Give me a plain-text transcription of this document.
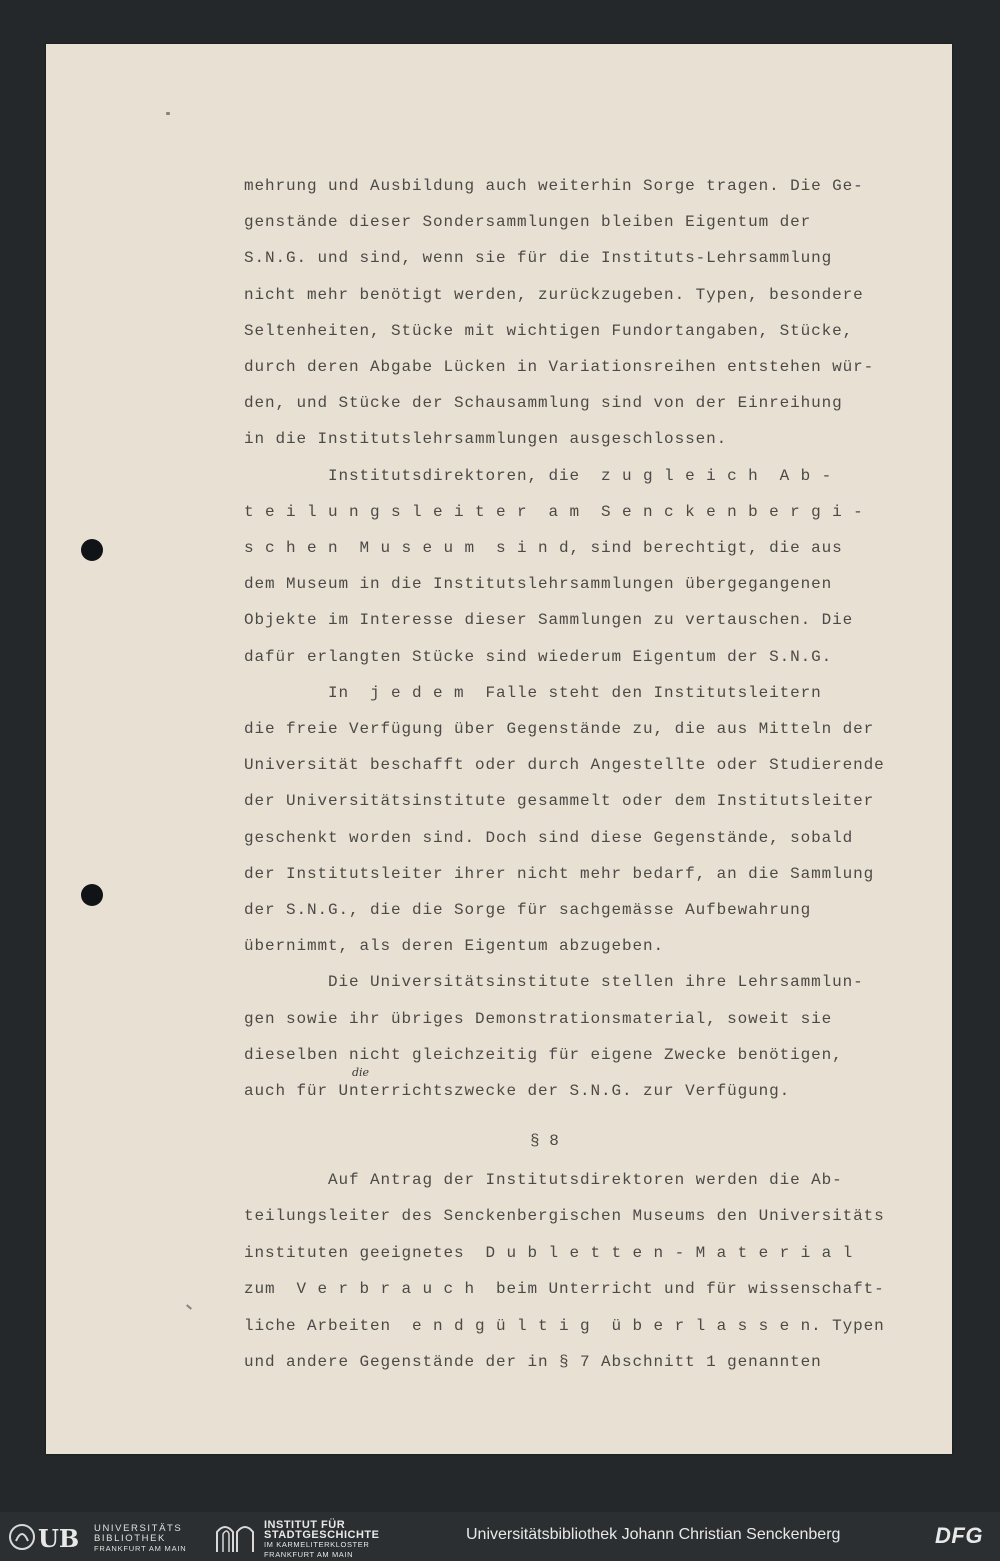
mehrung und Ausbildung auch weiterhin Sorge tragen. Die Ge-
genstände dieser Sondersammlungen bleiben Eigentum der
S.N.G. und sind, wenn sie für die Instituts-Lehrsammlung
nicht mehr benötigt werden, zurückzugeben. Typen, besondere
Seltenheiten, Stücke mit wichtigen Fundortangaben, Stücke,
durch deren Abgabe Lücken in Variationsreihen entstehen wür-
den, und Stücke der Schausammlung sind von der Einreihung
in die Institutslehrsammlungen ausgeschlossen.
Institutsdirektoren, die  z u g l e i c h  A b -
t e i l u n g s l e i t e r  a m  S e n c k e n b e r g i -
s c h e n  M u s e u m  s i n d, sind berechtigt, die aus
dem Museum in die Institutslehrsammlungen übergegangenen
Objekte im Interesse dieser Sammlungen zu vertauschen. Die
dafür erlangten Stücke sind wiederum Eigentum der S.N.G.
In  j e d e m  Falle steht den Institutsleitern
die freie Verfügung über Gegenstände zu, die aus Mitteln der
Universität beschafft oder durch Angestellte oder Studierende
der Universitätsinstitute gesammelt oder dem Institutsleiter
geschenkt worden sind. Doch sind diese Gegenstände, sobald
der Institutsleiter ihrer nicht mehr bedarf, an die Sammlung
der S.N.G., die die Sorge für sachgemässe Aufbewahrung
übernimmt, als deren Eigentum abzugeben.
Die Universitätsinstitute stellen ihre Lehrsammlun-
gen sowie ihr übriges Demonstrationsmaterial, soweit sie
dieselben nicht gleichzeitig für eigene Zwecke benötigen,
auch für Unterrichtszwecke der S.N.G. zur Verfügung.
die
§ 8
Auf Antrag der Institutsdirektoren werden die Ab-
teilungsleiter des Senckenbergischen Museums den Universitäts
instituten geeignetes  D u b l e t t e n - M a t e r i a l
zum  V e r b r a u c h  beim Unterricht und für wissenschaft-
liche Arbeiten  e n d g ü l t i g  ü b e r l a s s e n. Typen
und andere Gegenstände der in § 7 Abschnitt 1 genannten
UB UNIVERSITÄTS
BIBLIOTHEK
FRANKFURT AM MAIN
INSTITUT FÜR
STADTGESCHICHTE
IM KARMELITERKLOSTER
FRANKFURT AM MAIN
Universitätsbibliothek Johann Christian Senckenberg	DFG
